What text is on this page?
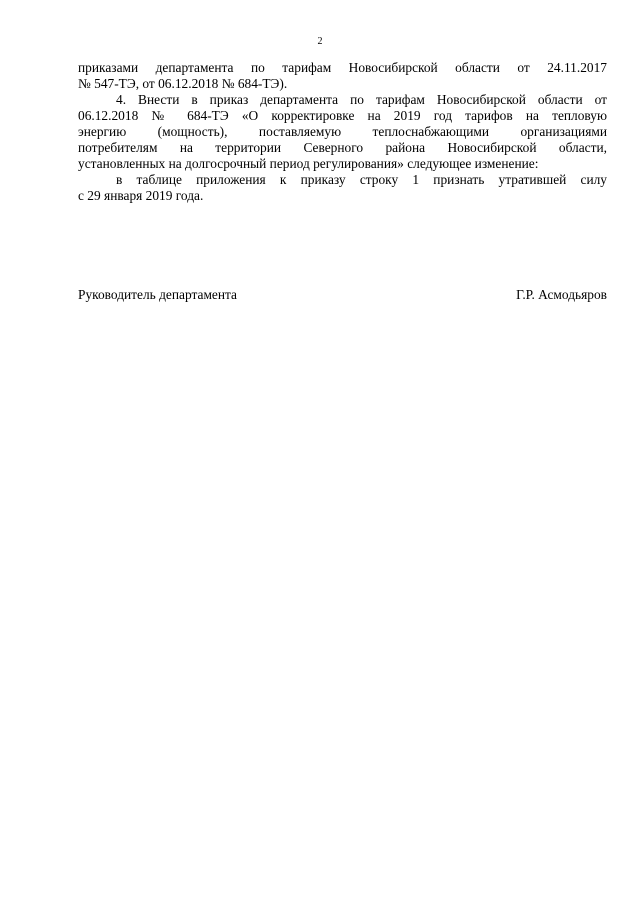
2
приказами департамента по тарифам Новосибирской области от 24.11.2017
№ 547-ТЭ, от 06.12.2018 № 684-ТЭ).
4. Внести в приказ департамента по тарифам Новосибирской области от
06.12.2018 № 684-ТЭ «О корректировке на 2019 год тарифов на тепловую
энергию (мощность), поставляемую теплоснабжающими организациями
потребителям на территории Северного района Новосибирской области,
установленных на долгосрочный период регулирования» следующее изменение:
в таблице приложения к приказу строку 1 признать утратившей силу
с 29 января 2019 года.
Руководитель департамента	Г.Р. Асмодьяров
